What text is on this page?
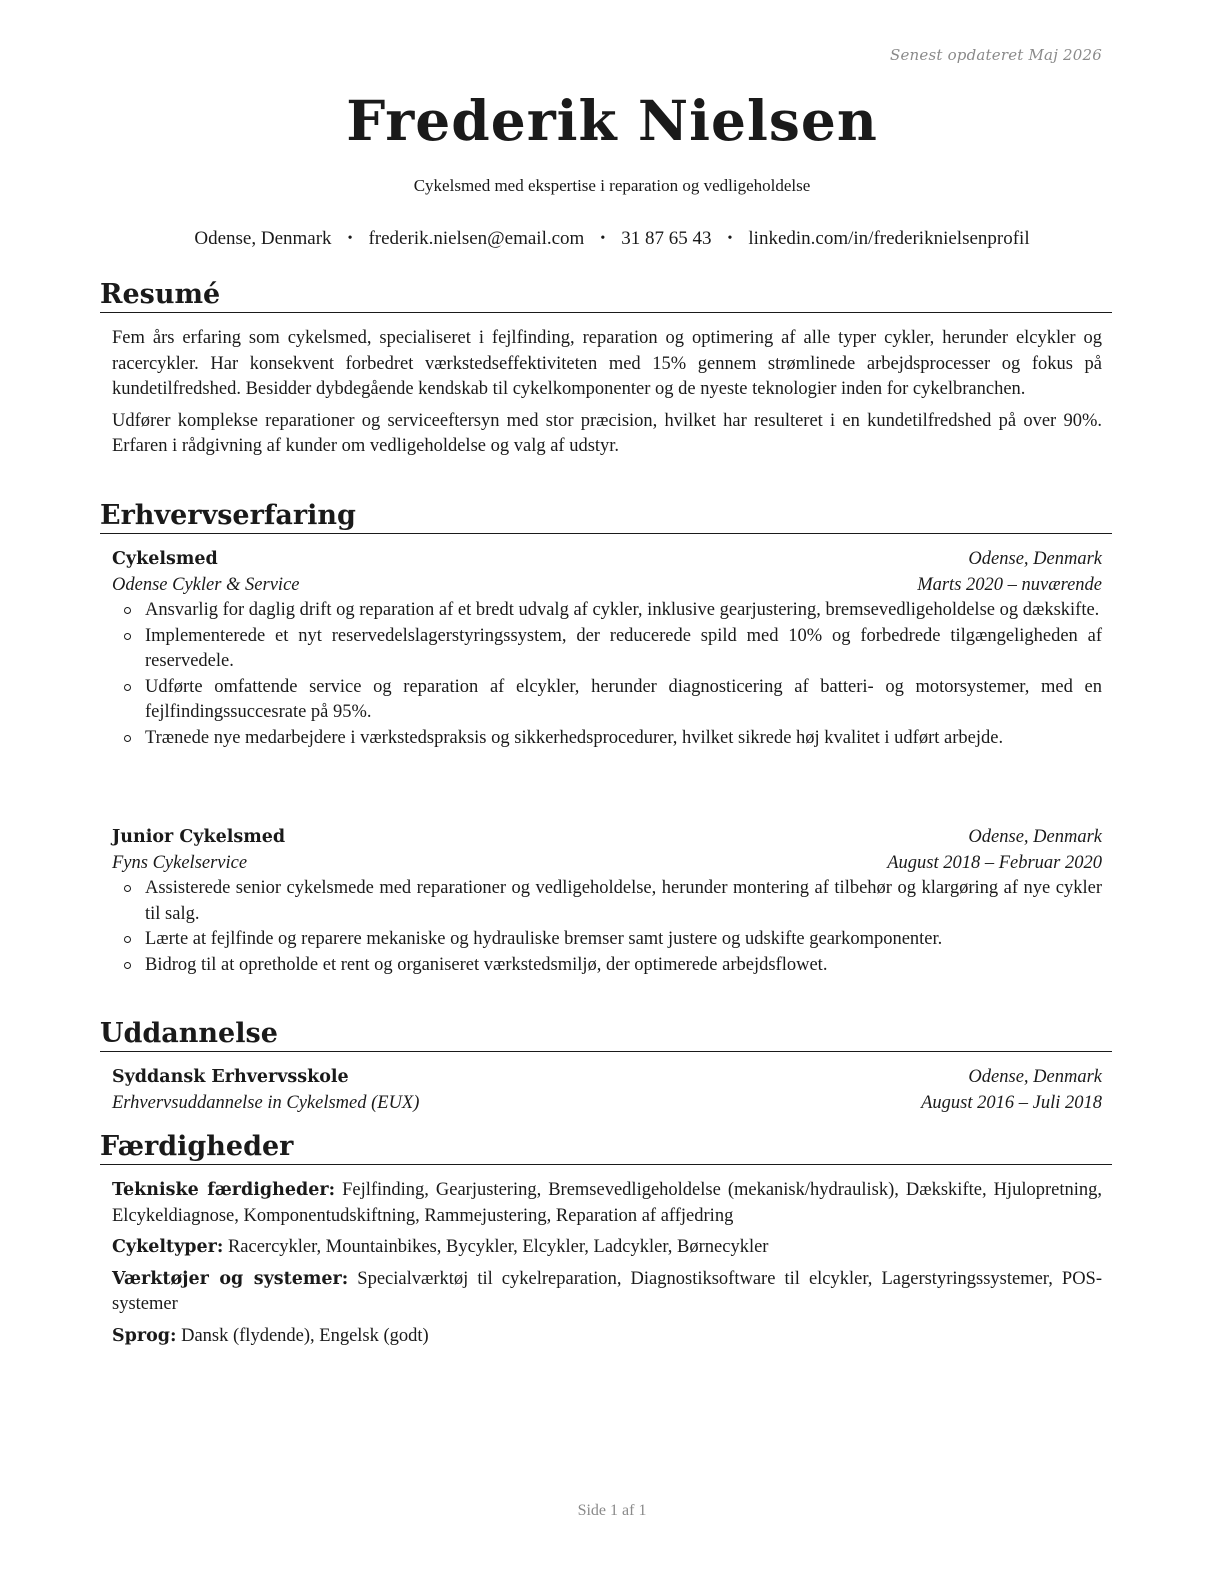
Senest opdateret Maj 2026
Frederik Nielsen
Cykelsmed med ekspertise i reparation og vedligeholdelse
Odense, Denmark • frederik.nielsen@email.com • 31 87 65 43 • linkedin.com/in/frederiknielsenprofil
Resumé

Fem års erfaring som cykelsmed, specialiseret i fejlfinding, reparation og optimering af alle typer cykler, herunder elcykler og racercykler. Har konsekvent forbedret værkstedseffektiviteten med 15% gennem strømlinede arbejdsprocesser og fokus på kundetilfredshed. Besidder dybdegående kendskab til cykelkomponenter og de nyeste teknologier inden for cykelbranchen.

Udfører komplekse reparationer og serviceeftersyn med stor præcision, hvilket har resulteret i en kundetilfredshed på over 90%. Erfaren i rådgivning af kunder om vedligeholdelse og valg af udstyr.

Erhvervserfaring
Cykelsmed	Odense, Denmark
Odense Cykler & Service	Marts 2020 – nuværende
Ansvarlig for daglig drift og reparation af et bredt udvalg af cykler, inklusive gearjustering, bremsevedligeholdelse og dækskifte.
Implementerede et nyt reservedelslagerstyringssystem, der reducerede spild med 10% og forbedrede tilgængeligheden af reservedele.
Udførte omfattende service og reparation af elcykler, herunder diagnosticering af batteri- og motorsystemer, med en fejlfindingssuccesrate på 95%.
Trænede nye medarbejdere i værkstedspraksis og sikkerhedsprocedurer, hvilket sikrede høj kvalitet i udført arbejde.
Junior Cykelsmed	Odense, Denmark
Fyns Cykelservice	August 2018 – Februar 2020
Assisterede senior cykelsmede med reparationer og vedligeholdelse, herunder montering af tilbehør og klargøring af nye cykler til salg.
Lærte at fejlfinde og reparere mekaniske og hydrauliske bremser samt justere og udskifte gearkomponenter.
Bidrog til at opretholde et rent og organiseret værkstedsmiljø, der optimerede arbejdsflowet.
Uddannelse
Syddansk Erhvervsskole	Odense, Denmark
Erhvervsuddannelse in Cykelsmed (EUX)	August 2016 – Juli 2018
Færdigheder

Tekniske færdigheder: Fejlfinding, Gearjustering, Bremsevedligeholdelse (mekanisk/hydraulisk), Dækskifte, Hjulopretning, Elcykeldiagnose, Komponentudskiftning, Rammejustering, Reparation af affjedring

Cykeltyper: Racercykler, Mountainbikes, Bycykler, Elcykler, Ladcykler, Børnecykler

Værktøjer og systemer: Specialværktøj til cykelreparation, Diagnostiksoftware til elcykler, Lagerstyringssystemer, POS-systemer

Sprog: Dansk (flydende), Engelsk (godt)

Side 1 af 1
